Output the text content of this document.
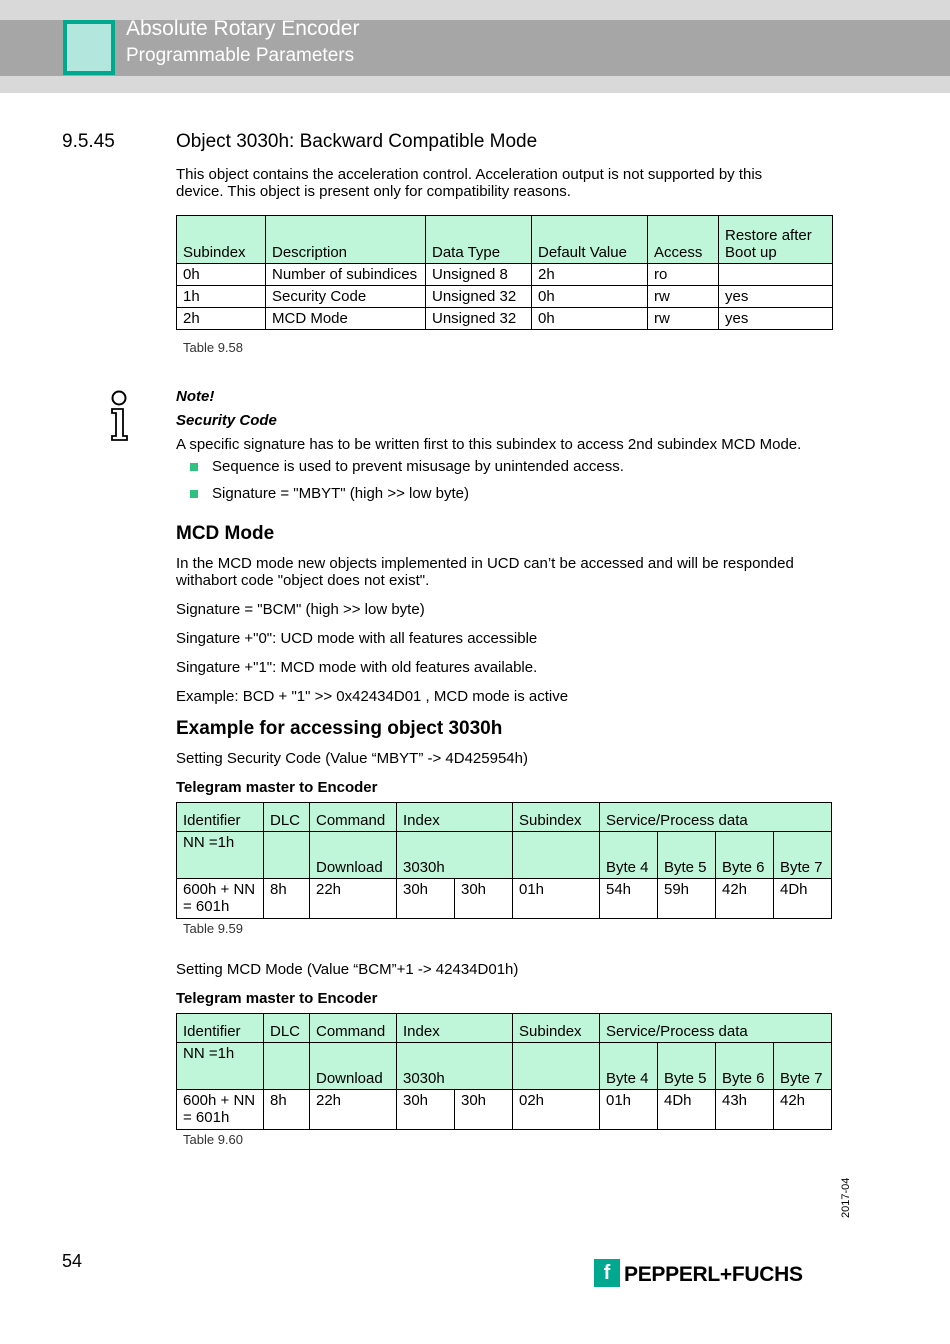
Absolute Rotary Encoder
Programmable Parameters
9.5.45	Object 3030h: Backward Compatible Mode
This object contains the acceleration control. Acceleration output is not supported by this
device. This object is present only for compatibility reasons.
Subindex	Description	Data Type	Default Value	Access	Restore after
Boot up

0h	Number of subindices	Unsigned 8	2h	ro	
1h	Security Code	Unsigned 32	0h	rw	yes
2h	MCD Mode	Unsigned 32	0h	rw	yes
Table 9.58
Note!
Security Code
A specific signature has to be written first to this subindex to access 2nd subindex MCD Mode.
Sequence is used to prevent misusage by unintended access.
Signature = "MBYT" (high >> low byte)
MCD Mode
In the MCD mode new objects implemented in UCD can’t be accessed and will be responded
withabort code "object does not exist".
Signature = "BCM" (high >> low byte)
Singature +"0": UCD mode with all features accessible
Singature +"1": MCD mode with old features available.
Example: BCD + "1" >> 0x42434D01 , MCD mode is active
Example for accessing object 3030h
Setting Security Code (Value “MBYT” -> 4D425954h)
Telegram master to Encoder
Identifier	DLC	Command	Index		Subindex	Service/Process data			
NN =1h		Download	3030h			Byte 4	Byte 5	Byte 6	Byte 7

600h + NN
= 601h	8h	22h	30h	30h	01h	54h	59h	42h	4Dh
Table 9.59
Setting MCD Mode (Value “BCM”+1 -> 42434D01h)
Telegram master to Encoder
Identifier	DLC	Command	Index		Subindex	Service/Process data			
NN =1h		Download	3030h			Byte 4	Byte 5	Byte 6	Byte 7

600h + NN
= 601h	8h	22h	30h	30h	02h	01h	4Dh	43h	42h
Table 9.60
2017-04
54
f PEPPERL+FUCHS
